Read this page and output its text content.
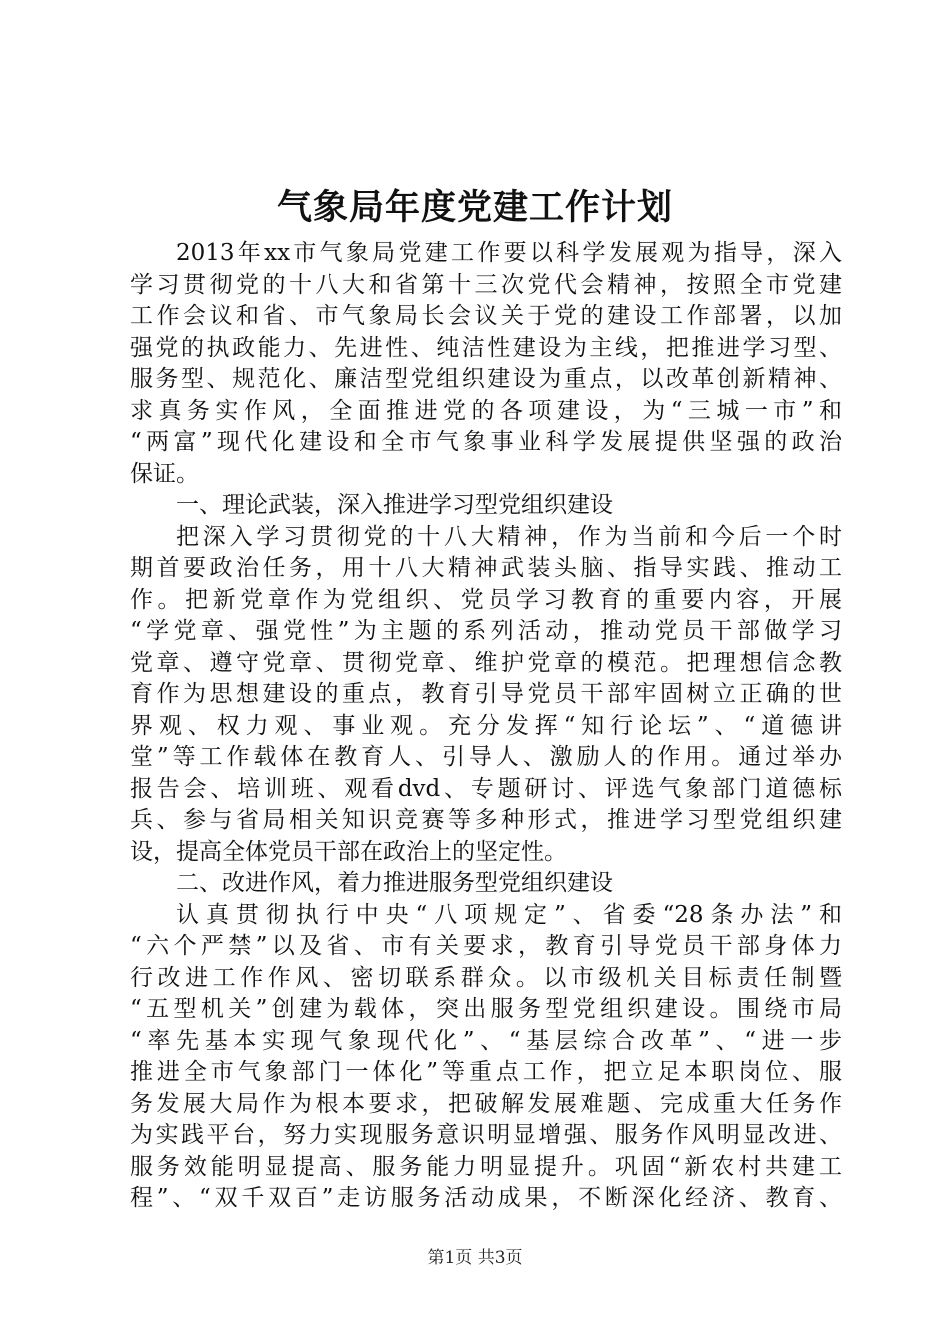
气象局年度党建工作计划
2013年xx市气象局党建工作要以科学发展观为指导，深入
学习贯彻党的十八大和省第十三次党代会精神，按照全市党建
工作会议和省、市气象局长会议关于党的建设工作部署，以加
强党的执政能力、先进性、纯洁性建设为主线，把推进学习型、
服务型、规范化、廉洁型党组织建设为重点，以改革创新精神、
求真务实作风，全面推进党的各项建设，为“三城一市”和
“两富”现代化建设和全市气象事业科学发展提供坚强的政治
保证。
一、理论武装，深入推进学习型党组织建设
把深入学习贯彻党的十八大精神，作为当前和今后一个时
期首要政治任务，用十八大精神武装头脑、指导实践、推动工
作。把新党章作为党组织、党员学习教育的重要内容，开展
“学党章、强党性”为主题的系列活动，推动党员干部做学习
党章、遵守党章、贯彻党章、维护党章的模范。把理想信念教
育作为思想建设的重点，教育引导党员干部牢固树立正确的世
界观、权力观、事业观。充分发挥“知行论坛”、“道德讲
堂”等工作载体在教育人、引导人、激励人的作用。通过举办
报告会、培训班、观看dvd、专题研讨、评选气象部门道德标
兵、参与省局相关知识竞赛等多种形式，推进学习型党组织建
设，提高全体党员干部在政治上的坚定性。
二、改进作风，着力推进服务型党组织建设
认真贯彻执行中央“八项规定”、省委“28条办法”和
“六个严禁”以及省、市有关要求，教育引导党员干部身体力
行改进工作作风、密切联系群众。以市级机关目标责任制暨
“五型机关”创建为载体，突出服务型党组织建设。围绕市局
“率先基本实现气象现代化”、“基层综合改革”、“进一步
推进全市气象部门一体化”等重点工作，把立足本职岗位、服
务发展大局作为根本要求，把破解发展难题、完成重大任务作
为实践平台，努力实现服务意识明显增强、服务作风明显改进、
服务效能明显提高、服务能力明显提升。巩固“新农村共建工
程”、“双千双百”走访服务活动成果，不断深化经济、教育、
第1页 共3页
